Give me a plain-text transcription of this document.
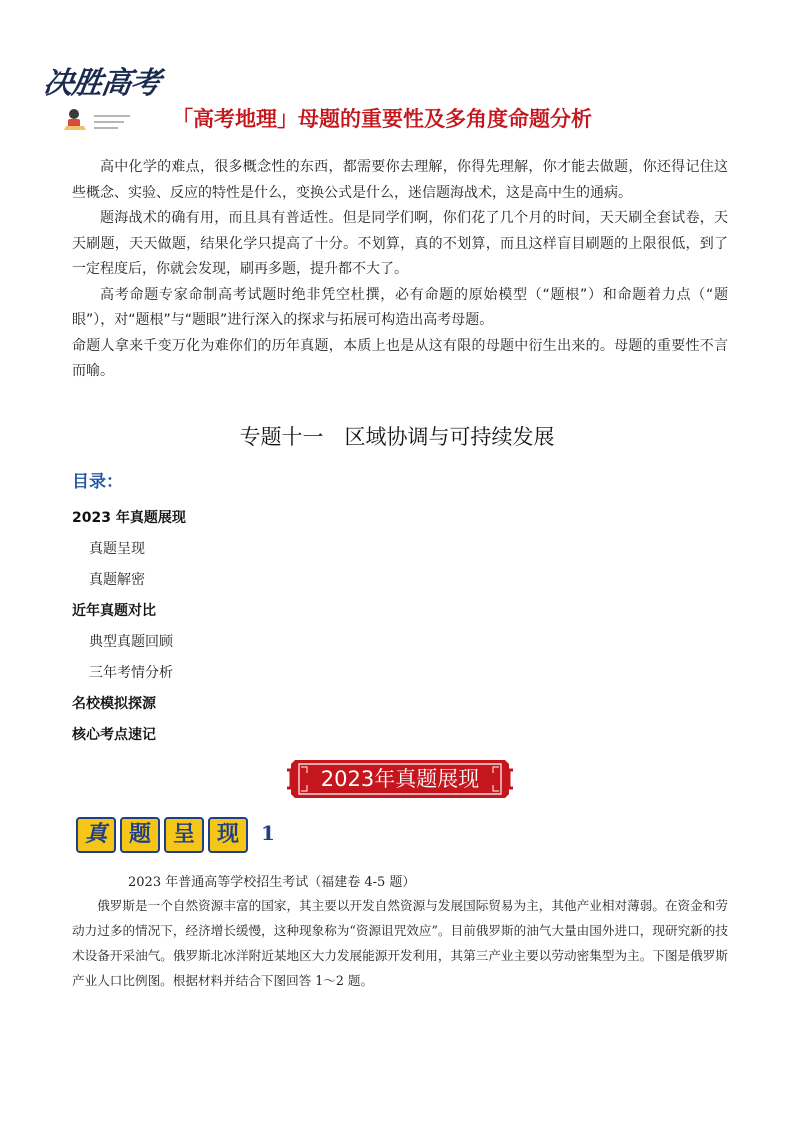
决胜高考
「高考地理」母题的重要性及多角度命题分析

高中化学的难点，很多概念性的东西，都需要你去理解，你得先理解，你才能去做题，你还得记住这些概念、实验、反应的特性是什么，变换公式是什么，迷信题海战术，这是高中生的通病。

题海战术的确有用，而且具有普适性。但是同学们啊，你们花了几个月的时间，天天刷全套试卷，天天刷题，天天做题，结果化学只提高了十分。不划算，真的不划算，而且这样盲目刷题的上限很低，到了一定程度后，你就会发现，刷再多题，提升都不大了。

高考命题专家命制高考试题时绝非凭空杜撰，必有命题的原始模型（“题根”）和命题着力点（“题眼”），对“题根”与“题眼”进行深入的探求与拓展可构造出高考母题。

命题人拿来千变万化为难你们的历年真题，本质上也是从这有限的母题中衍生出来的。母题的重要性不言而喻。

专题十一　区域协调与可持续发展
目录：
2023 年真题展现
真题呈现
真题解密
近年真题对比
典型真题回顾
三年考情分析
名校模拟探源
核心考点速记
2023年真题展现
真 题 呈 现 1
2023 年普通高等学校招生考试（福建卷 4-5 题）

俄罗斯是一个自然资源丰富的国家，其主要以开发自然资源与发展国际贸易为主，其他产业相对薄弱。在资金和劳动力过多的情况下，经济增长缓慢，这种现象称为“资源诅咒效应”。目前俄罗斯的油气大量由国外进口，现研究新的技术设备开采油气。俄罗斯北冰洋附近某地区大力发展能源开发利用，其第三产业主要以劳动密集型为主。下图是俄罗斯产业人口比例图。根据材料并结合下图回答 1～2 题。
